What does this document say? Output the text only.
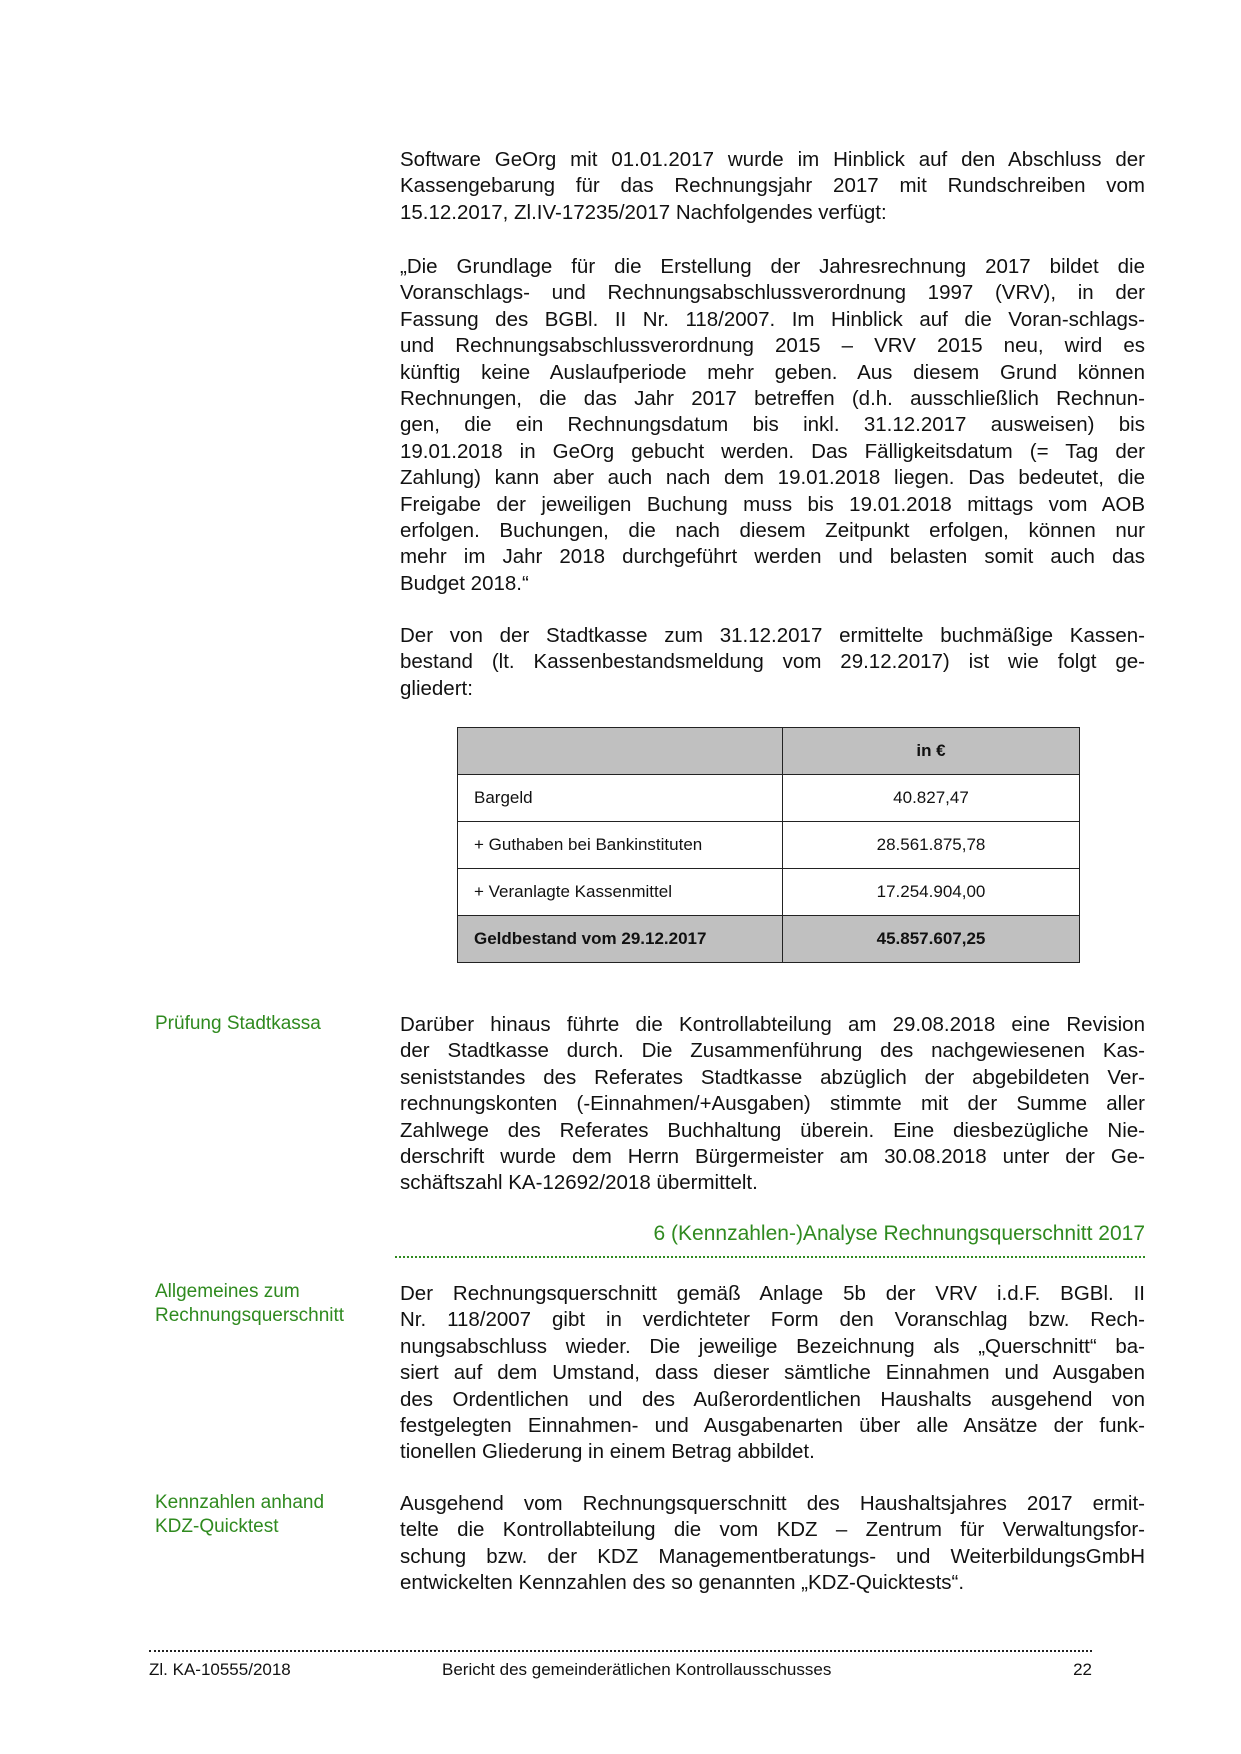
Software GeOrg mit 01.01.2017 wurde im Hinblick auf den Abschluss der
Kassengebarung für das Rechnungsjahr 2017 mit Rundschreiben vom
15.12.2017, Zl.IV-17235/2017 Nachfolgendes verfügt:
„Die Grundlage für die Erstellung der Jahresrechnung 2017 bildet die
Voranschlags- und Rechnungsabschlussverordnung 1997 (VRV), in der
Fassung des BGBl. II Nr. 118/2007. Im Hinblick auf die Voran-schlags-
und Rechnungsabschlussverordnung 2015 – VRV 2015 neu, wird es
künftig keine Auslaufperiode mehr geben. Aus diesem Grund können
Rechnungen, die das Jahr 2017 betreffen (d.h. ausschließlich Rechnun-
gen, die ein Rechnungsdatum bis inkl. 31.12.2017 ausweisen) bis
19.01.2018 in GeOrg gebucht werden. Das Fälligkeitsdatum (= Tag der
Zahlung) kann aber auch nach dem 19.01.2018 liegen. Das bedeutet, die
Freigabe der jeweiligen Buchung muss bis 19.01.2018 mittags vom AOB
erfolgen. Buchungen, die nach diesem Zeitpunkt erfolgen, können nur
mehr im Jahr 2018 durchgeführt werden und belasten somit auch das
Budget 2018.“
Der von der Stadtkasse zum 31.12.2017 ermittelte buchmäßige Kassen-
bestand (lt. Kassenbestandsmeldung vom 29.12.2017) ist wie folgt ge-
gliedert:
	in €
Bargeld	40.827,47
+ Guthaben bei Bankinstituten	28.561.875,78
+ Veranlagte Kassenmittel	17.254.904,00
Geldbestand vom 29.12.2017	45.857.607,25
Prüfung Stadtkassa	Darüber hinaus führte die Kontrollabteilung am 29.08.2018 eine Revision
der Stadtkasse durch. Die Zusammenführung des nachgewiesenen Kas-
seniststandes des Referates Stadtkasse abzüglich der abgebildeten Ver-
rechnungskonten (-Einnahmen/+Ausgaben) stimmte mit der Summe aller
Zahlwege des Referates Buchhaltung überein. Eine diesbezügliche Nie-
derschrift wurde dem Herrn Bürgermeister am 30.08.2018 unter der Ge-
schäftszahl KA-12692/2018 übermittelt.
6 (Kennzahlen-)Analyse Rechnungsquerschnitt 2017
Allgemeines zum
Rechnungsquerschnitt
Der Rechnungsquerschnitt gemäß Anlage 5b der VRV i.d.F. BGBl. II
Nr. 118/2007 gibt in verdichteter Form den Voranschlag bzw. Rech-
nungsabschluss wieder. Die jeweilige Bezeichnung als „Querschnitt“ ba-
siert auf dem Umstand, dass dieser sämtliche Einnahmen und Ausgaben
des Ordentlichen und des Außerordentlichen Haushalts ausgehend von
festgelegten Einnahmen- und Ausgabenarten über alle Ansätze der funk-
tionellen Gliederung in einem Betrag abbildet.
Kennzahlen anhand
KDZ-Quicktest
Ausgehend vom Rechnungsquerschnitt des Haushaltsjahres 2017 ermit-
telte die Kontrollabteilung die vom KDZ – Zentrum für Verwaltungsfor-
schung bzw. der KDZ Managementberatungs- und WeiterbildungsGmbH
entwickelten Kennzahlen des so genannten „KDZ-Quicktests“.
Zl. KA-10555/2018	Bericht des gemeinderätlichen Kontrollausschusses	22
